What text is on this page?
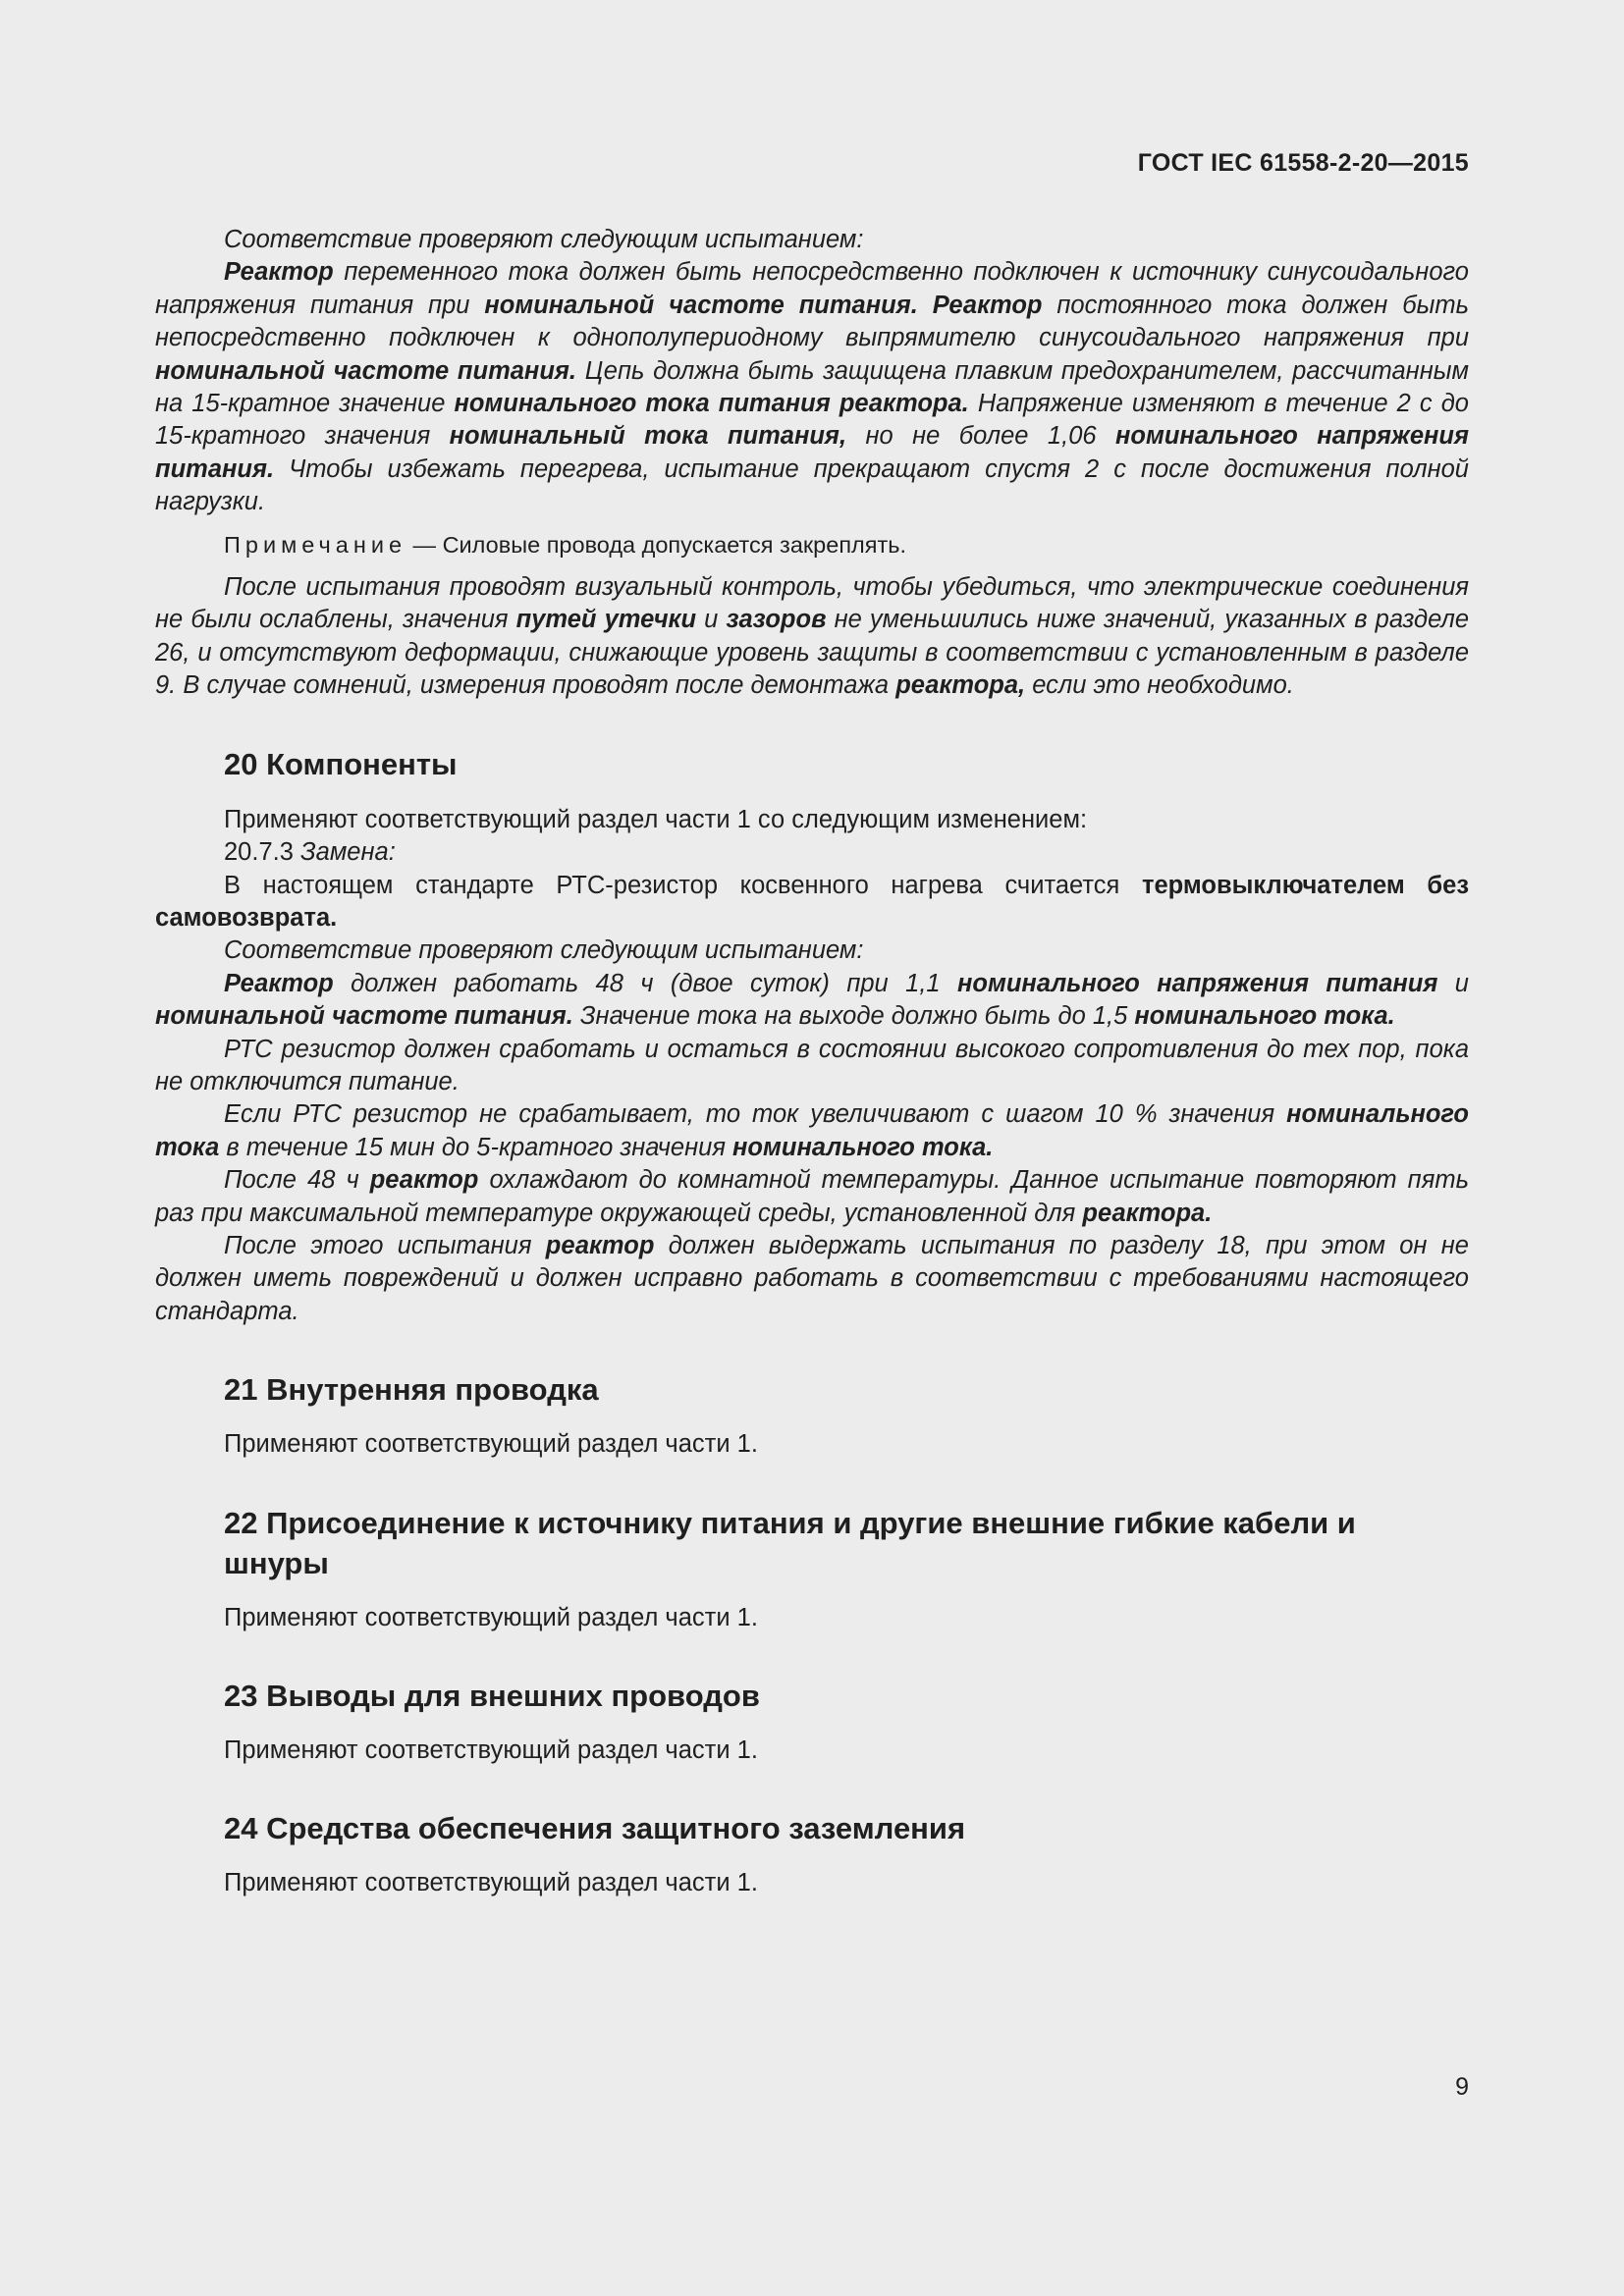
ГОСТ IEC 61558-2-20—2015

Соответствие проверяют следующим испытанием:

Реактор переменного тока должен быть непосредственно подключен к источнику синусоидального напряжения питания при номинальной частоте питания. Реактор постоянного тока должен быть непосредственно подключен к однополупериодному выпрямителю синусоидального напряжения при номинальной частоте питания. Цепь должна быть защищена плавким предохранителем, рассчитанным на 15-кратное значение номинального тока питания реактора. Напряжение изменяют в течение 2 с до 15-кратного значения номинальный тока питания, но не более 1,06 номинального напряжения питания. Чтобы избежать перегрева, испытание прекращают спустя 2 с после достижения полной нагрузки.

Примечание — Силовые провода допускается закреплять.

После испытания проводят визуальный контроль, чтобы убедиться, что электрические соединения не были ослаблены, значения путей утечки и зазоров не уменьшились ниже значений, указанных в разделе 26, и отсутствуют деформации, снижающие уровень защиты в соответствии с установленным в разделе 9. В случае сомнений, измерения проводят после демонтажа реактора, если это необходимо.

20 Компоненты

Применяют соответствующий раздел части 1 со следующим изменением:

20.7.3 Замена:

В настоящем стандарте РТС-резистор косвенного нагрева считается термовыключателем без самовозврата.

Соответствие проверяют следующим испытанием:

Реактор должен работать 48 ч (двое суток) при 1,1 номинального напряжения питания и номинальной частоте питания. Значение тока на выходе должно быть до 1,5 номинального тока.

РТС резистор должен сработать и остаться в состоянии высокого сопротивления до тех пор, пока не отключится питание.

Если РТС резистор не срабатывает, то ток увеличивают с шагом 10 % значения номинального тока в течение 15 мин до 5-кратного значения номинального тока.

После 48 ч реактор охлаждают до комнатной температуры. Данное испытание повторяют пять раз при максимальной температуре окружающей среды, установленной для реактора.

После этого испытания реактор должен выдержать испытания по разделу 18, при этом он не должен иметь повреждений и должен исправно работать в соответствии с требованиями настоящего стандарта.

21 Внутренняя проводка

Применяют соответствующий раздел части 1.

22 Присоединение к источнику питания и другие внешние гибкие кабели и шнуры

Применяют соответствующий раздел части 1.

23 Выводы для внешних проводов

Применяют соответствующий раздел части 1.

24 Средства обеспечения защитного заземления

Применяют соответствующий раздел части 1.

9
